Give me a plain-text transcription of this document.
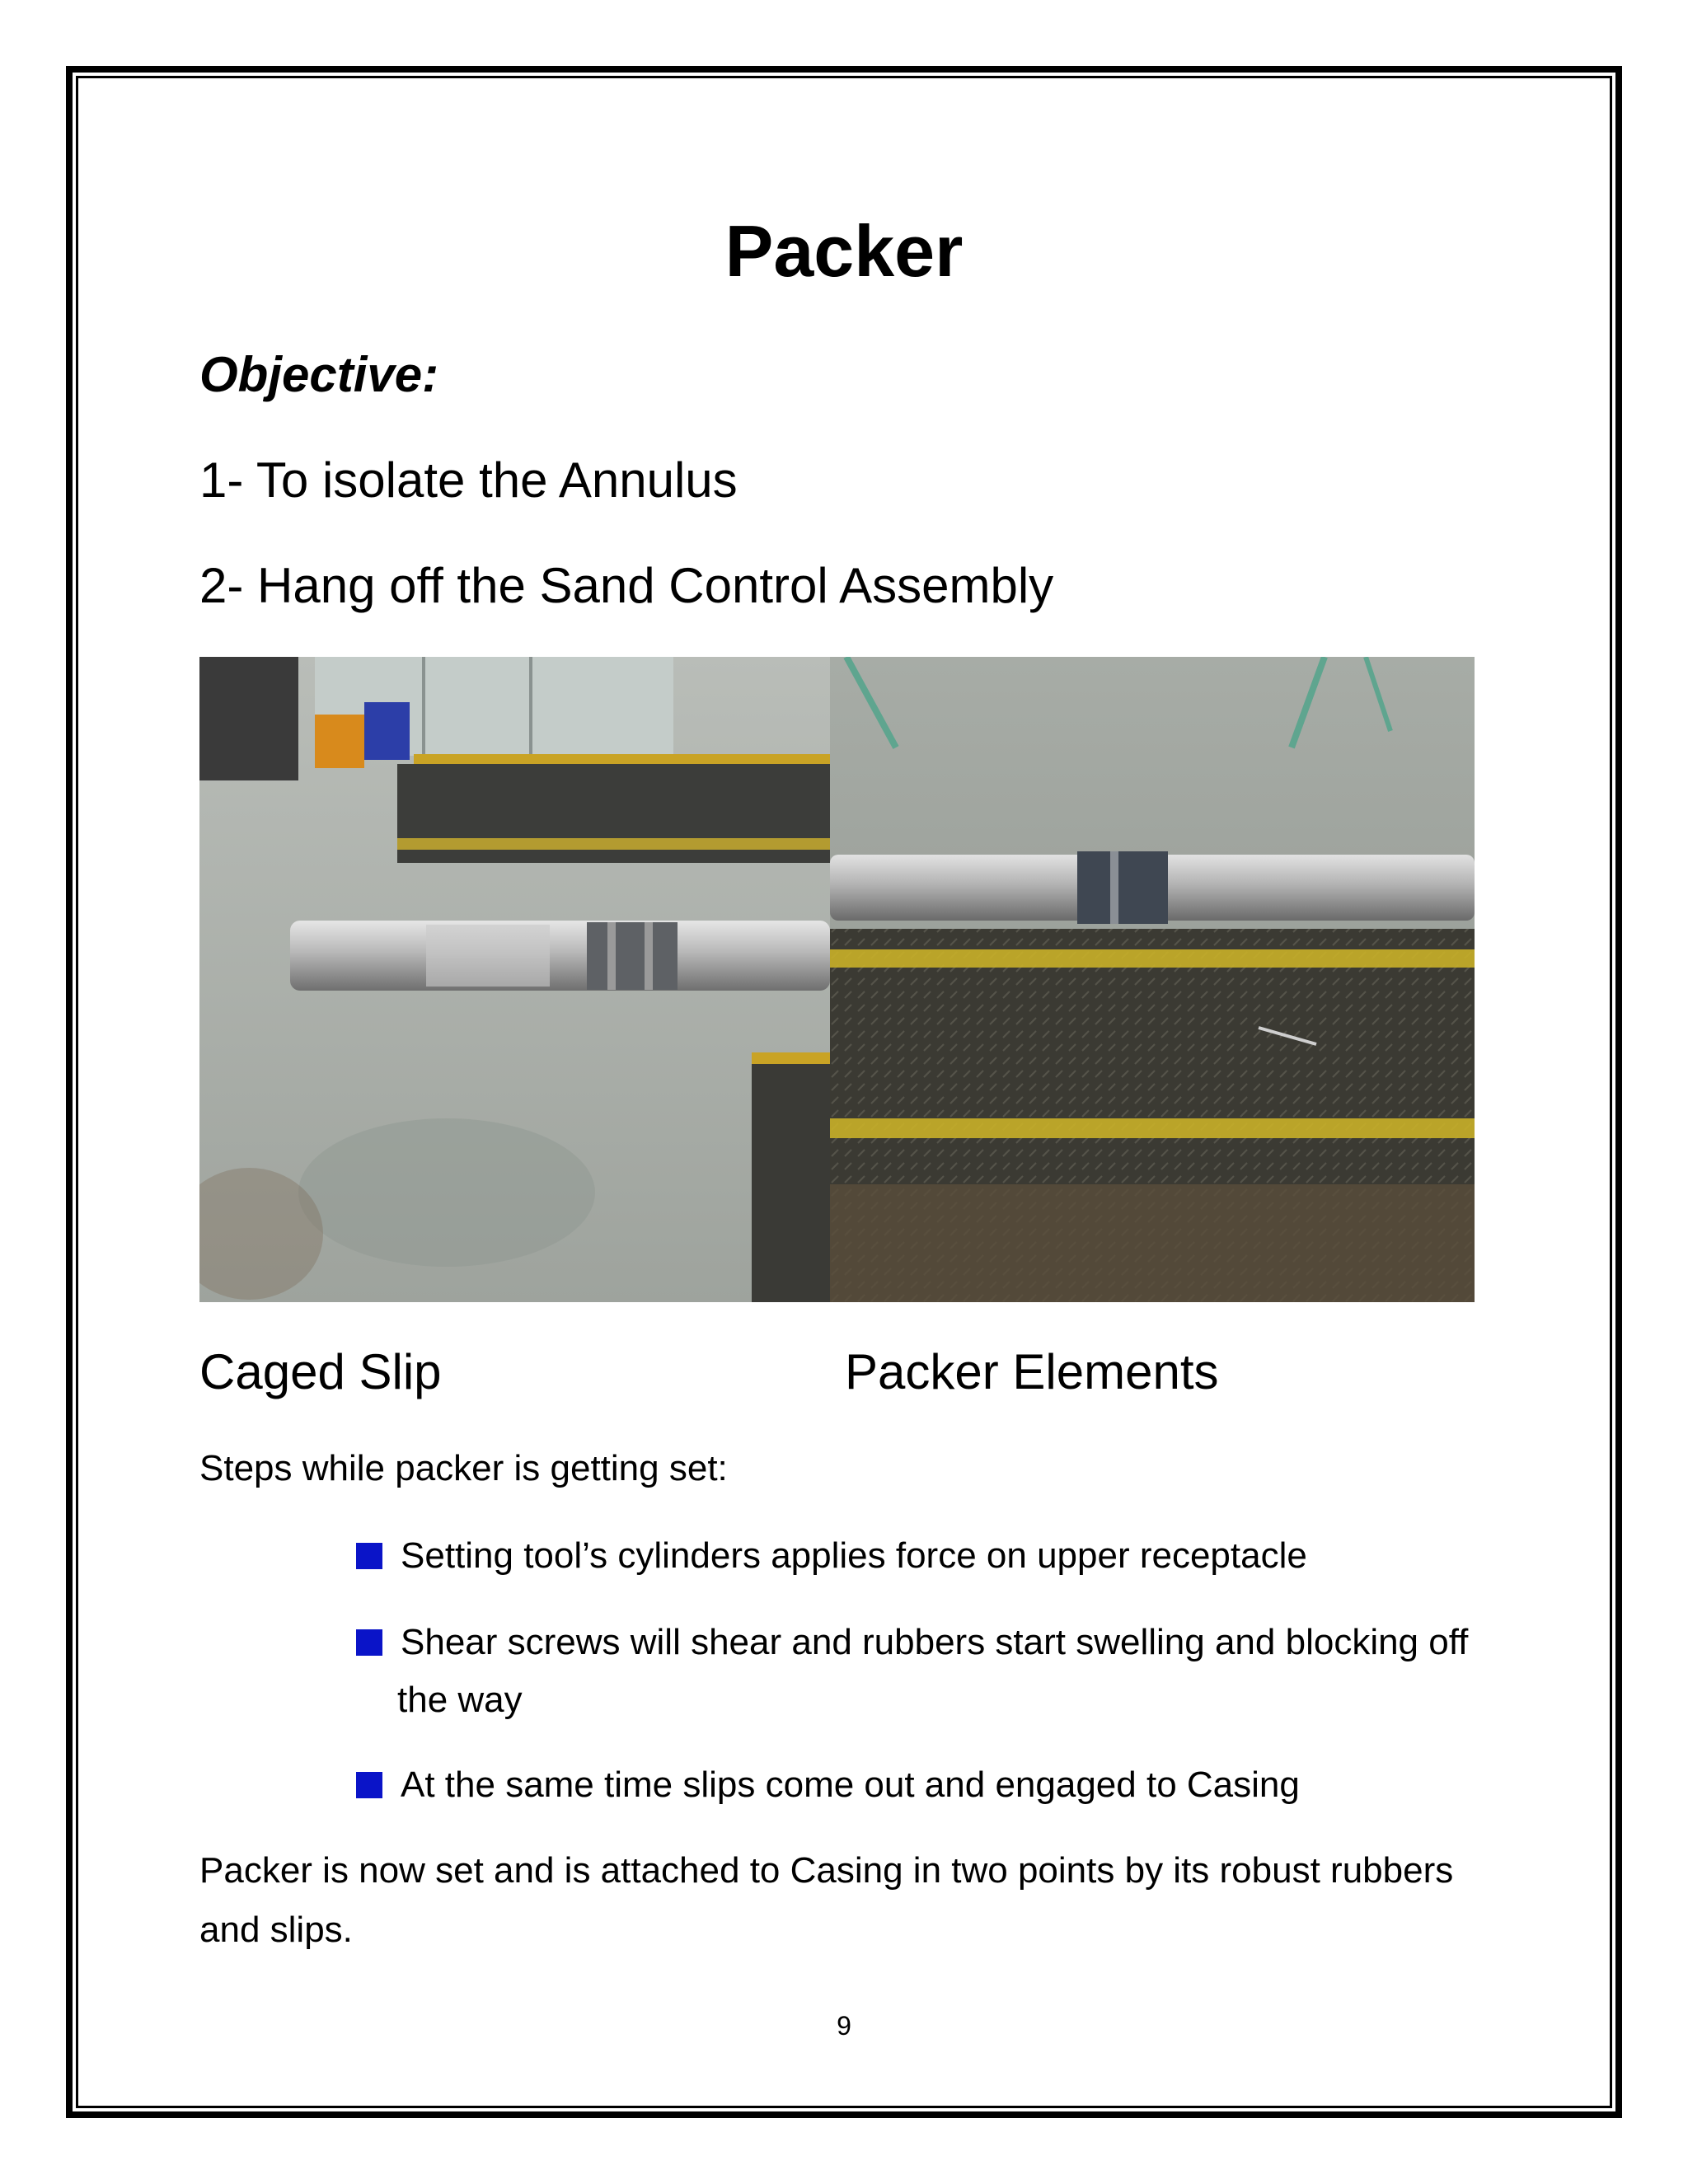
Packer
Objective:
1- To isolate the Annulus
2- Hang off the Sand Control Assembly
Caged Slip	Packer Elements
Steps while packer is getting set:
Setting tool’s cylinders applies force on upper receptacle
Shear screws will shear and rubbers start swelling and blocking off
the way
At the same time slips come out and engaged to Casing
Packer is now set and is attached to Casing in two points by its robust rubbers and slips.
9
